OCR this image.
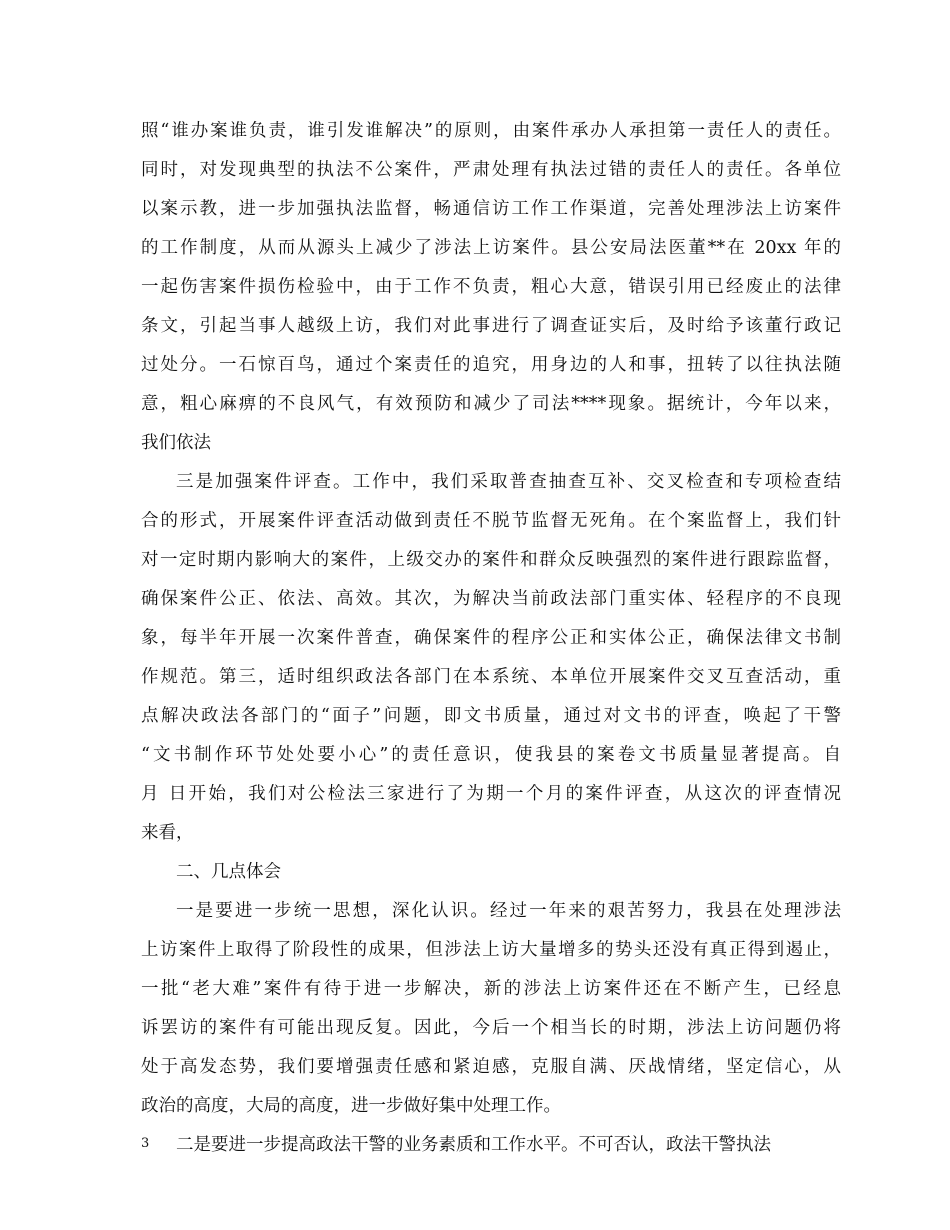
照“谁办案谁负责，谁引发谁解决”的原则，由案件承办人承担第一责任人的责任。
同时，对发现典型的执法不公案件，严肃处理有执法过错的责任人的责任。各单位
以案示教，进一步加强执法监督，畅通信访工作工作渠道，完善处理涉法上访案件
的工作制度，从而从源头上减少了涉法上访案件。县公安局法医董**在 20xx 年的
一起伤害案件损伤检验中，由于工作不负责，粗心大意，错误引用已经废止的法律
条文，引起当事人越级上访，我们对此事进行了调查证实后，及时给予该董行政记
过处分。一石惊百鸟，通过个案责任的追究，用身边的人和事，扭转了以往执法随
意，粗心麻痹的不良风气，有效预防和减少了司法****现象。据统计，今年以来，
我们依法
三是加强案件评查。工作中，我们采取普查抽查互补、交叉检查和专项检查结
合的形式，开展案件评查活动做到责任不脱节监督无死角。在个案监督上，我们针
对一定时期内影响大的案件，上级交办的案件和群众反映强烈的案件进行跟踪监督，
确保案件公正、依法、高效。其次，为解决当前政法部门重实体、轻程序的不良现
象，每半年开展一次案件普查，确保案件的程序公正和实体公正，确保法律文书制
作规范。第三，适时组织政法各部门在本系统、本单位开展案件交叉互查活动，重
点解决政法各部门的“面子”问题，即文书质量，通过对文书的评查，唤起了干警
“文书制作环节处处要小心”的责任意识，使我县的案卷文书质量显著提高。自
月 日开始，我们对公检法三家进行了为期一个月的案件评查，从这次的评查情况
来看，
二、几点体会
一是要进一步统一思想，深化认识。经过一年来的艰苦努力，我县在处理涉法
上访案件上取得了阶段性的成果，但涉法上访大量增多的势头还没有真正得到遏止，
一批“老大难”案件有待于进一步解决，新的涉法上访案件还在不断产生，已经息
诉罢访的案件有可能出现反复。因此，今后一个相当长的时期，涉法上访问题仍将
处于高发态势，我们要增强责任感和紧迫感，克服自满、厌战情绪，坚定信心，从
政治的高度，大局的高度，进一步做好集中处理工作。
二是要进一步提高政法干警的业务素质和工作水平。不可否认，政法干警执法
3
